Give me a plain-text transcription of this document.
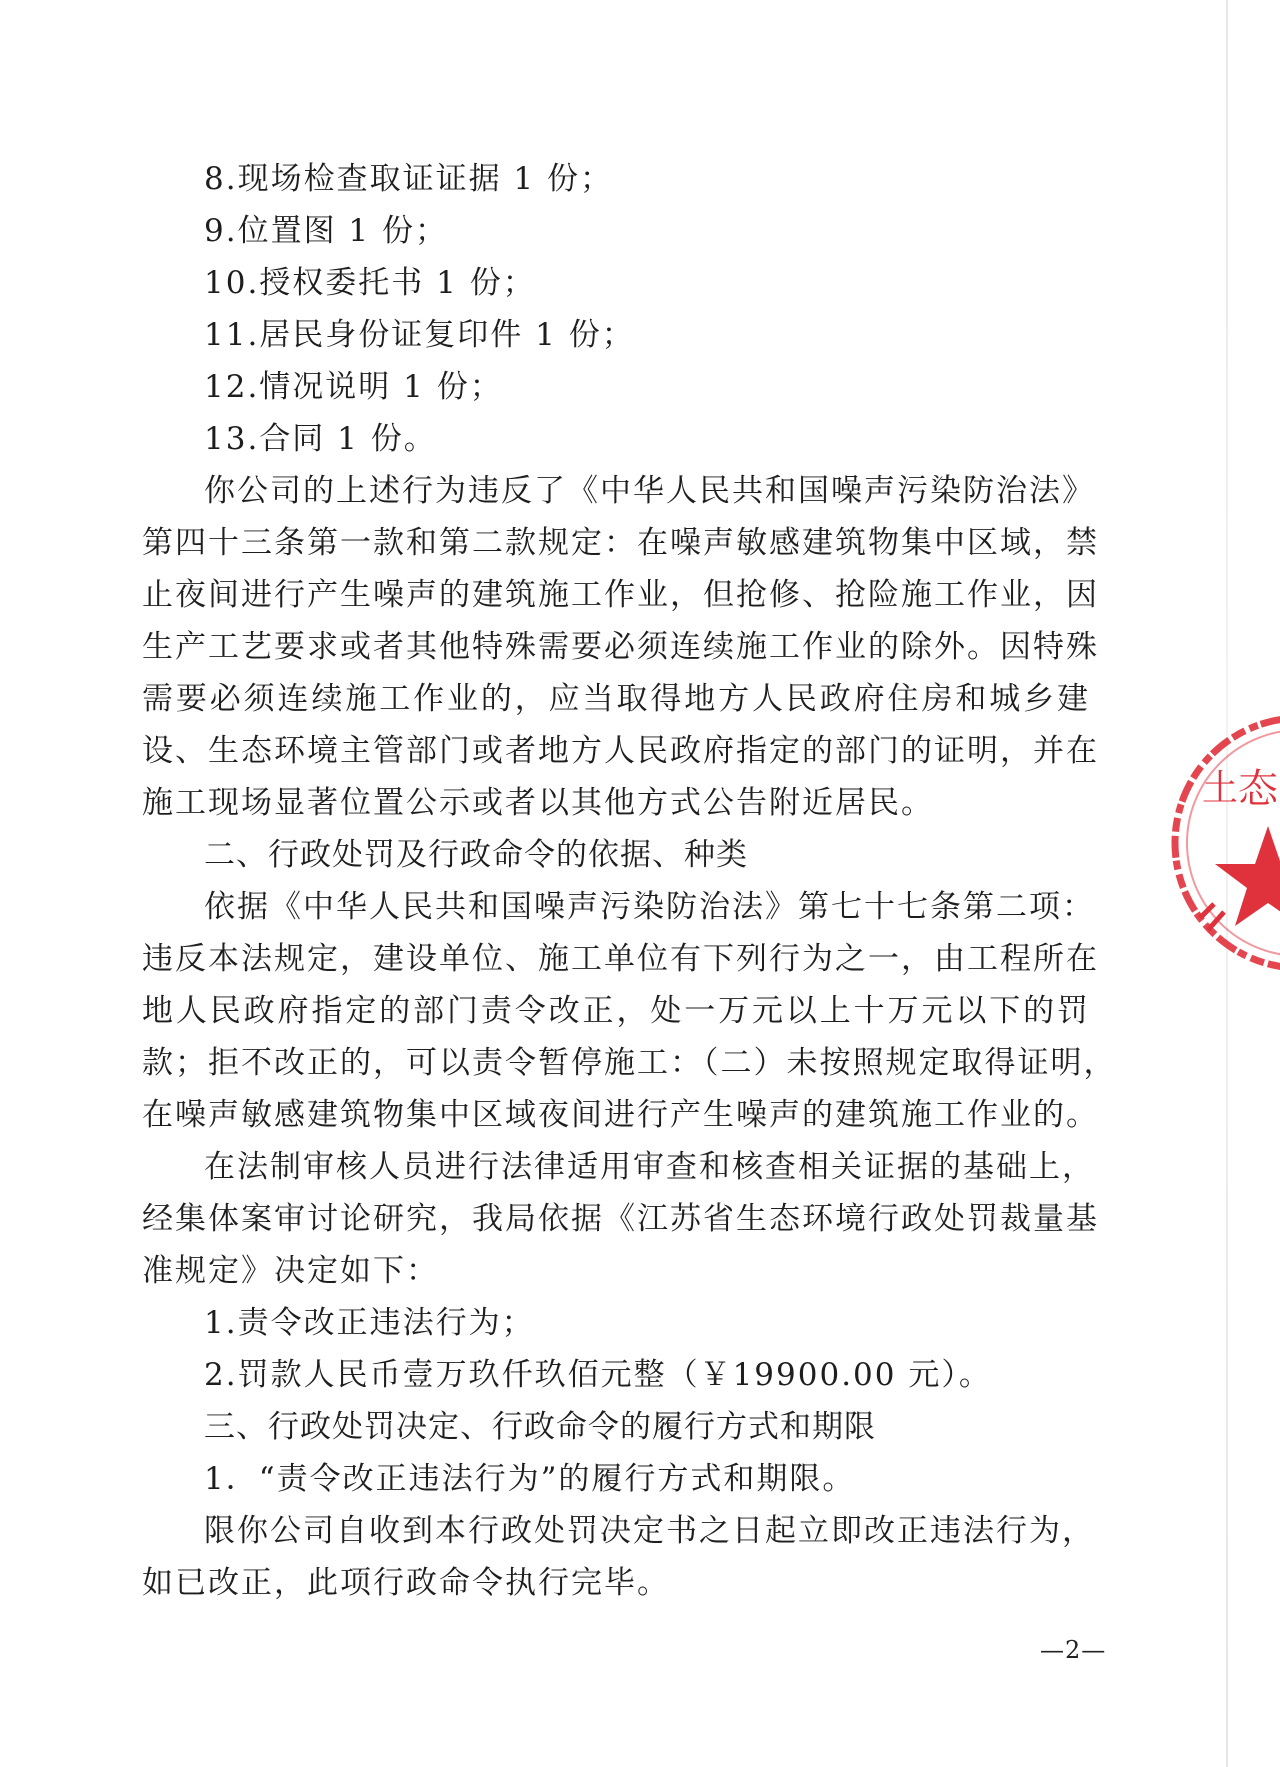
8.现场检查取证证据 1 份；
9.位置图 1 份；
10.授权委托书 1 份；
11.居民身份证复印件 1 份；
12.情况说明 1 份；
13.合同 1 份。
你公司的上述行为违反了《中华人民共和国噪声污染防治法》
第四十三条第一款和第二款规定：在噪声敏感建筑物集中区域，禁
止夜间进行产生噪声的建筑施工作业，但抢修、抢险施工作业，因
生产工艺要求或者其他特殊需要必须连续施工作业的除外。因特殊
需要必须连续施工作业的，应当取得地方人民政府住房和城乡建
设、生态环境主管部门或者地方人民政府指定的部门的证明，并在
施工现场显著位置公示或者以其他方式公告附近居民。
二、行政处罚及行政命令的依据、种类
依据《中华人民共和国噪声污染防治法》第七十七条第二项：
违反本法规定，建设单位、施工单位有下列行为之一，由工程所在
地人民政府指定的部门责令改正，处一万元以上十万元以下的罚
款；拒不改正的，可以责令暂停施工：（二）未按照规定取得证明，
在噪声敏感建筑物集中区域夜间进行产生噪声的建筑施工作业的。
在法制审核人员进行法律适用审查和核查相关证据的基础上，
经集体案审讨论研究，我局依据《江苏省生态环境行政处罚裁量基
准规定》决定如下：
1.责令改正违法行为；
2.罚款人民币壹万玖仟玖佰元整（￥19900.00 元）。
三、行政处罚决定、行政命令的履行方式和期限
1．“责令改正违法行为”的履行方式和期限。
限你公司自收到本行政处罚决定书之日起立即改正违法行为，
如已改正，此项行政命令执行完毕。
—2—
⼟ 态
